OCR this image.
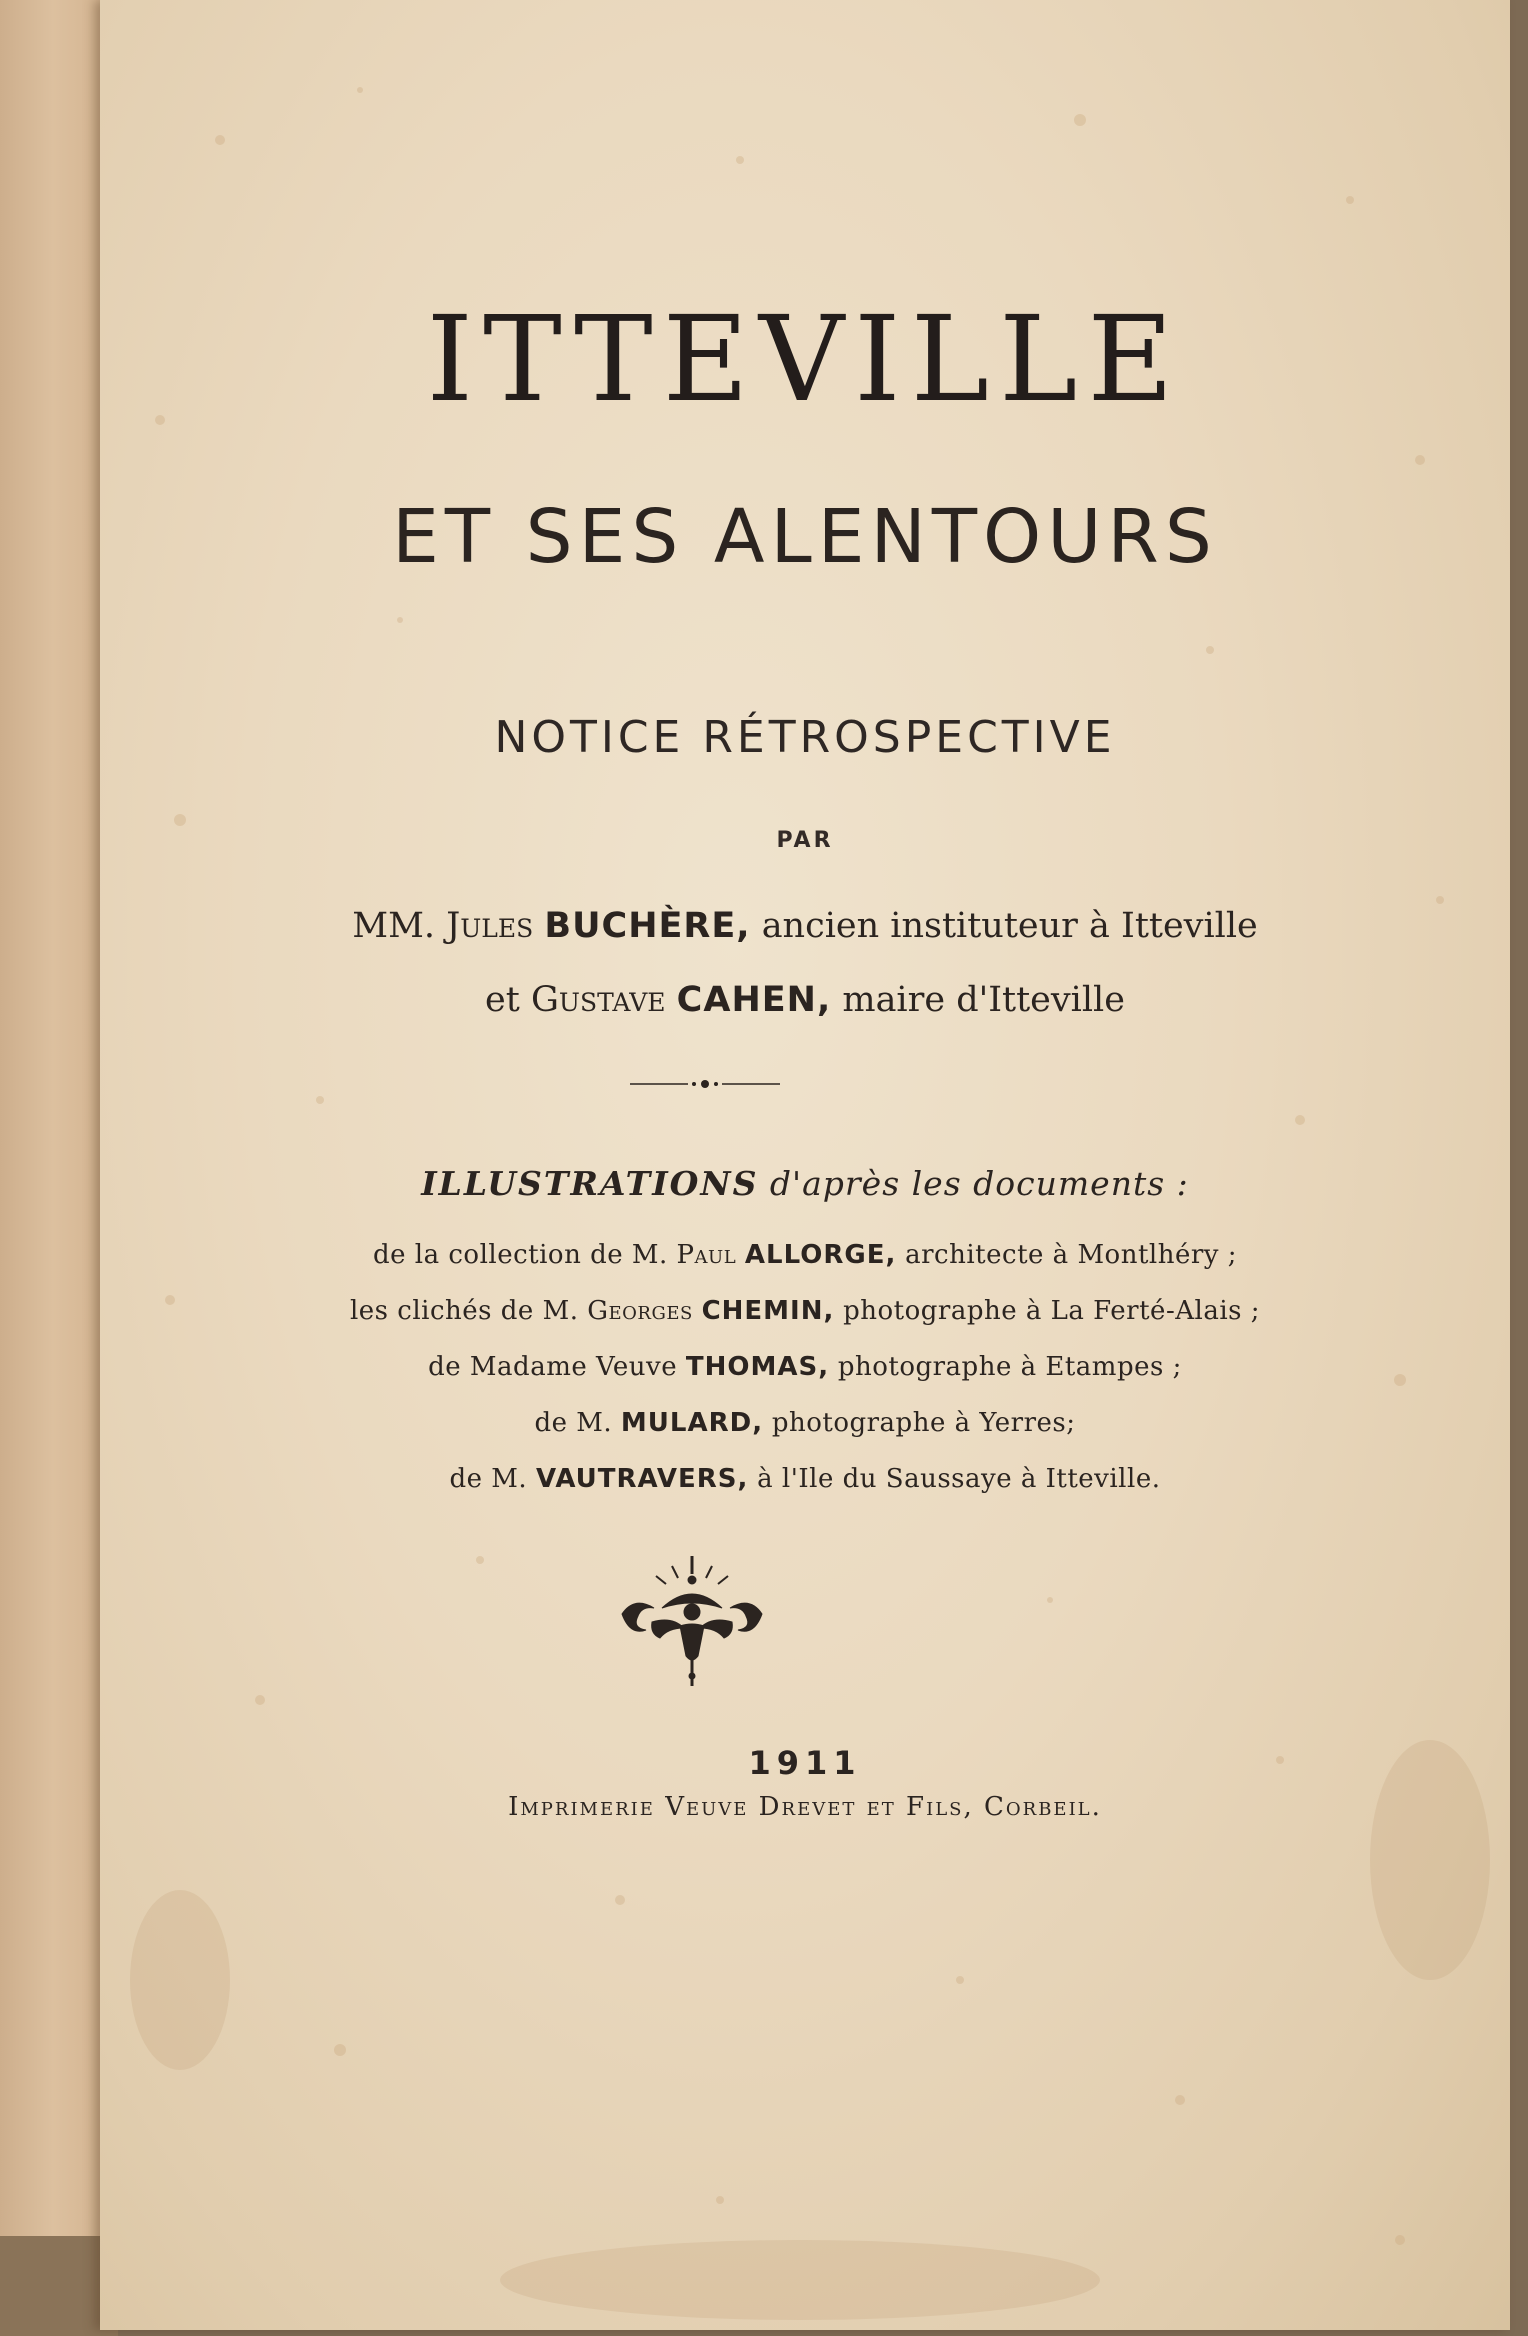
ITTEVILLE
ET SES ALENTOURS
NOTICE RÉTROSPECTIVE
PAR
MM. Jules BUCHÈRE, ancien instituteur à Itteville
et Gustave CAHEN, maire d'Itteville
ILLUSTRATIONS d'après les documents :
de la collection de M. Paul ALLORGE, architecte à Montlhéry ;
les clichés de M. Georges CHEMIN, photographe à La Ferté-Alais ;
de Madame Veuve THOMAS, photographe à Etampes ;
de M. MULARD, photographe à Yerres;
de M. VAUTRAVERS, à l'Ile du Saussaye à Itteville.
1911
Imprimerie Veuve Drevet et Fils, Corbeil.
